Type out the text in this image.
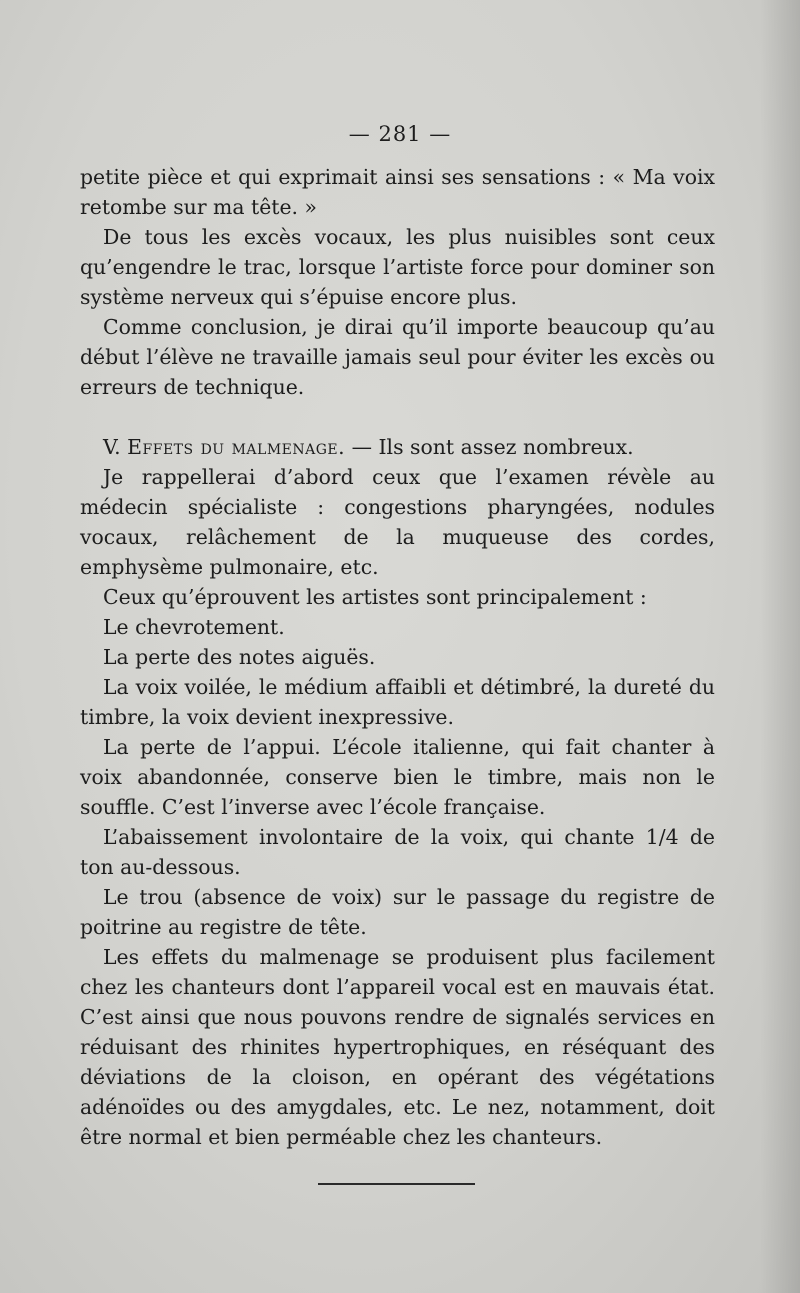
— 281 —

petite pièce et qui exprimait ainsi ses sensations : « Ma voix retombe sur ma tête. »

De tous les excès vocaux, les plus nuisibles sont ceux qu’engendre le trac, lorsque l’artiste force pour dominer son système nerveux qui s’épuise encore plus.

Comme conclusion, je dirai qu’il importe beaucoup qu’au début l’élève ne travaille jamais seul pour éviter les excès ou erreurs de technique.

V. Effets du malmenage. — Ils sont assez nombreux.

Je rappellerai d’abord ceux que l’examen révèle au médecin spécialiste : congestions pharyngées, nodules vocaux, relâchement de la muqueuse des cordes, emphysème pulmonaire, etc.

Ceux qu’éprouvent les artistes sont principalement :

Le chevrotement.

La perte des notes aiguës.

La voix voilée, le médium affaibli et détimbré, la dureté du timbre, la voix devient inexpressive.

La perte de l’appui. L’école italienne, qui fait chanter à voix abandonnée, conserve bien le timbre, mais non le souffle. C’est l’inverse avec l’école française.

L’abaissement involontaire de la voix, qui chante 1/4 de ton au-dessous.

Le trou (absence de voix) sur le passage du registre de poitrine au registre de tête.

Les effets du malmenage se produisent plus facilement chez les chanteurs dont l’appareil vocal est en mauvais état. C’est ainsi que nous pouvons rendre de signalés services en réduisant des rhinites hypertrophiques, en réséquant des déviations de la cloison, en opérant des végétations adénoïdes ou des amygdales, etc. Le nez, notamment, doit être normal et bien perméable chez les chanteurs.
